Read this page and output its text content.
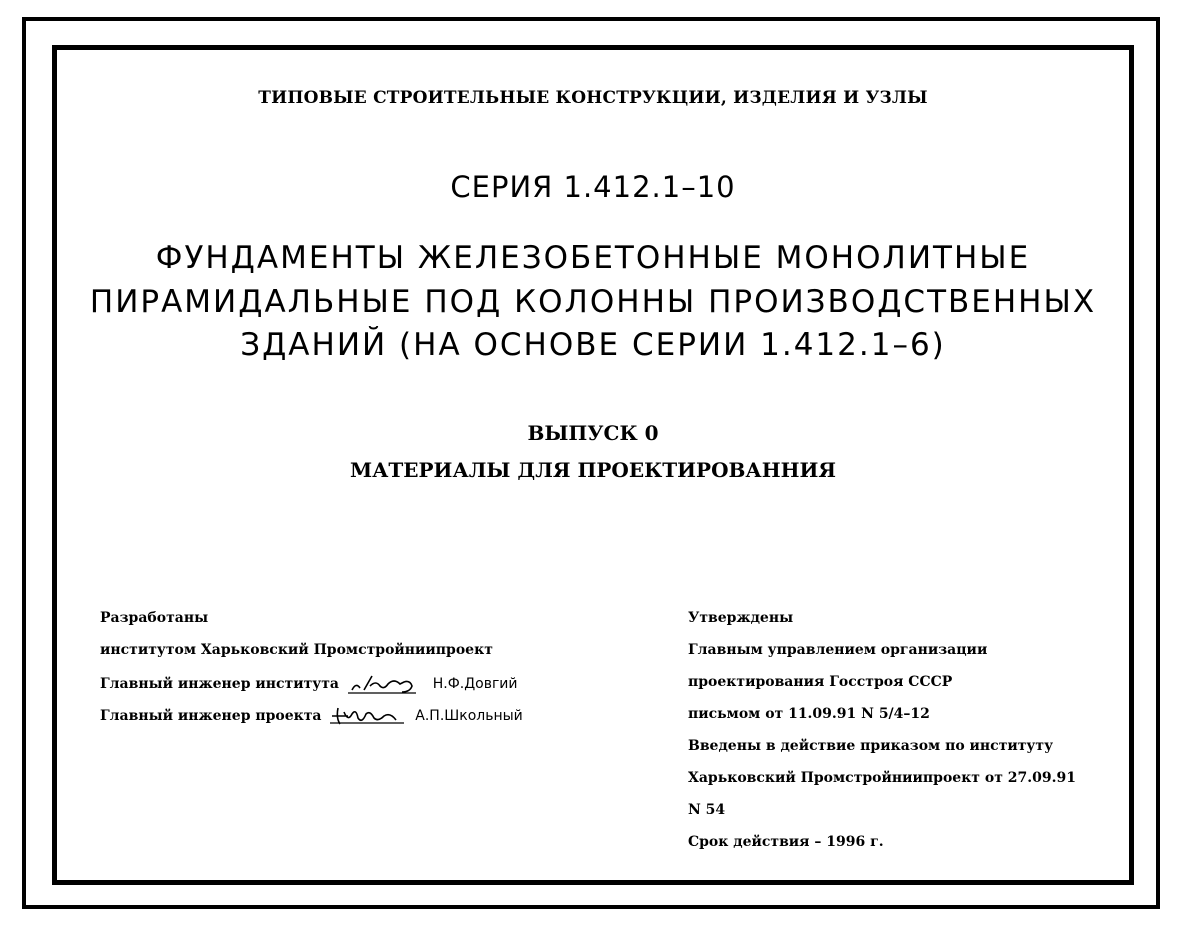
ТИПОВЫЕ СТРОИТЕЛЬНЫЕ КОНСТРУКЦИИ, ИЗДЕЛИЯ И УЗЛЫ
СЕРИЯ 1.412.1–10
ФУНДАМЕНТЫ ЖЕЛЕЗОБЕТОННЫЕ МОНОЛИТНЫЕ
ПИРАМИДАЛЬНЫЕ ПОД КОЛОННЫ ПРОИЗВОДСТВЕННЫХ
ЗДАНИЙ (НА ОСНОВЕ СЕРИИ 1.412.1–6)
ВЫПУСК 0
МАТЕРИАЛЫ ДЛЯ ПРОЕКТИРОВАННИЯ
Разработаны
институтом Харьковский Промстройниипроект
Главный инженер института	Н.Ф.Довгий
Главный инженер проекта	А.П.Школьный
Утверждены
Главным управлением организации
проектирования Госстроя СССР
письмом от 11.09.91 N 5/4–12
Введены в действие приказом по институту
Харьковский Промстройниипроект от 27.09.91
N 54
Срок действия – 1996 г.
